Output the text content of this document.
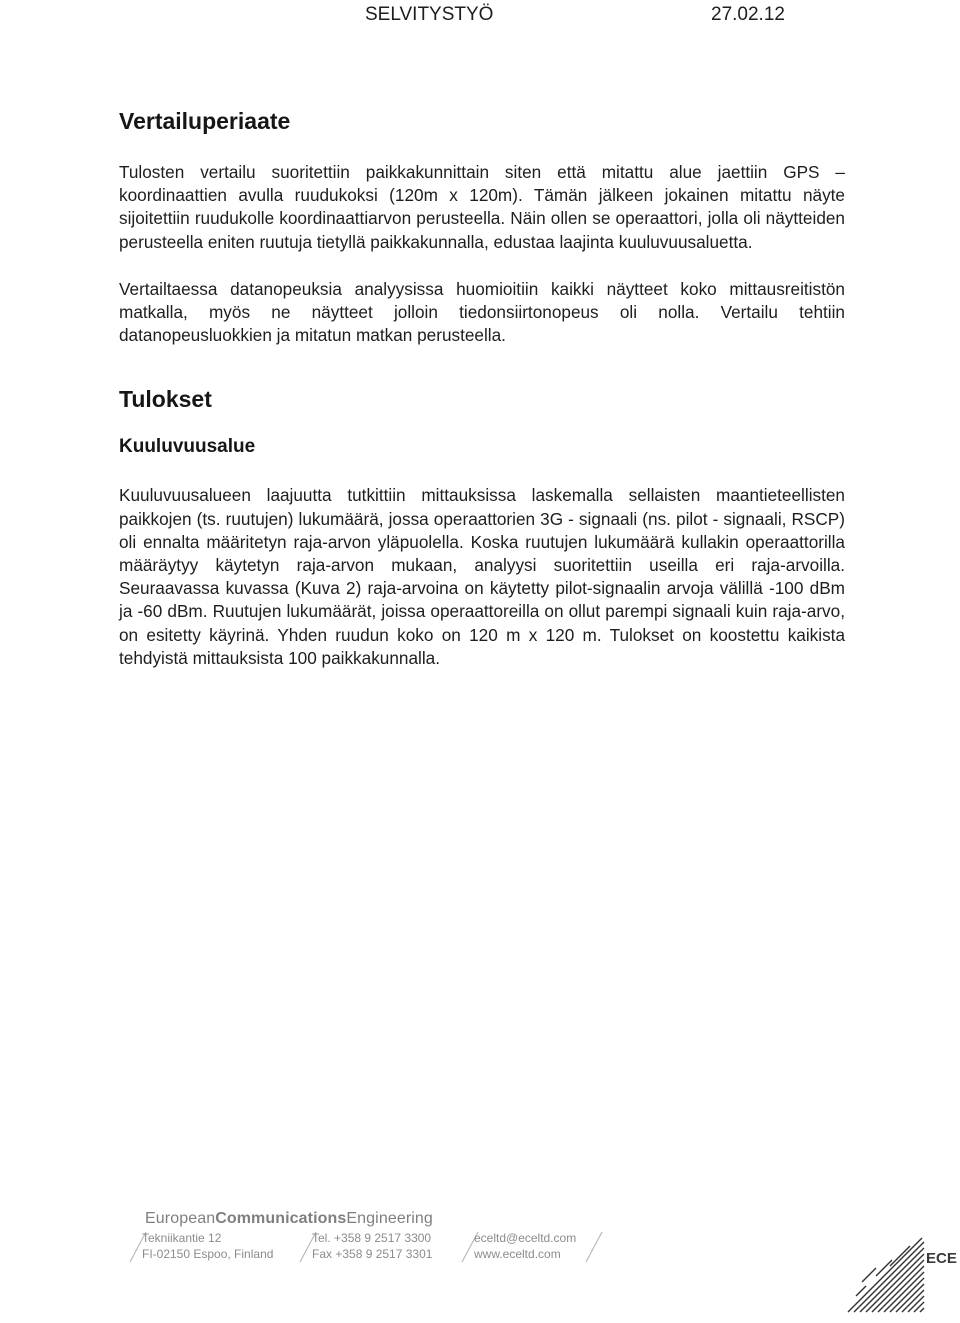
SELVITYSTYÖ	27.02.12
Vertailuperiaate

Tulosten vertailu suoritettiin paikkakunnittain siten että mitattu alue jaettiin GPS – koordinaattien avulla ruudukoksi (120m x 120m). Tämän jälkeen jokainen mitattu näyte sijoitettiin ruudukolle koordinaattiarvon perusteella. Näin ollen se operaattori, jolla oli näytteiden perusteella eniten ruutuja tietyllä paikkakunnalla, edustaa laajinta kuuluvuusaluetta.

Vertailtaessa datanopeuksia analyysissa huomioitiin kaikki näytteet koko mittausreitistön matkalla, myös ne näytteet jolloin tiedonsiirtonopeus oli nolla. Vertailu tehtiin datanopeusluokkien ja mitatun matkan perusteella.

Tulokset
Kuuluvuusalue

Kuuluvuusalueen laajuutta tutkittiin mittauksissa laskemalla sellaisten maantieteellisten paikkojen (ts. ruutujen) lukumäärä, jossa operaattorien 3G - signaali (ns. pilot - signaali, RSCP) oli ennalta määritetyn raja-arvon yläpuolella. Koska ruutujen lukumäärä kullakin operaattorilla määräytyy käytetyn raja-arvon mukaan, analyysi suoritettiin useilla eri raja-arvoilla. Seuraavassa kuvassa (Kuva 2) raja-arvoina on käytetty pilot-signaalin arvoja välillä -100 dBm ja -60 dBm. Ruutujen lukumäärät, joissa operaattoreilla on ollut parempi signaali kuin raja-arvo, on esitetty käyrinä. Yhden ruudun koko on 120 m x 120 m. Tulokset on koostettu kaikista tehdyistä mittauksista 100 paikkakunnalla.

EuropeanCommunicationsEngineering
Tekniikantie 12
FI-02150 Espoo, Finland
Tel. +358 9 2517 3300
Fax +358 9 2517 3301
eceltd@eceltd.com
www.eceltd.com	ECE
